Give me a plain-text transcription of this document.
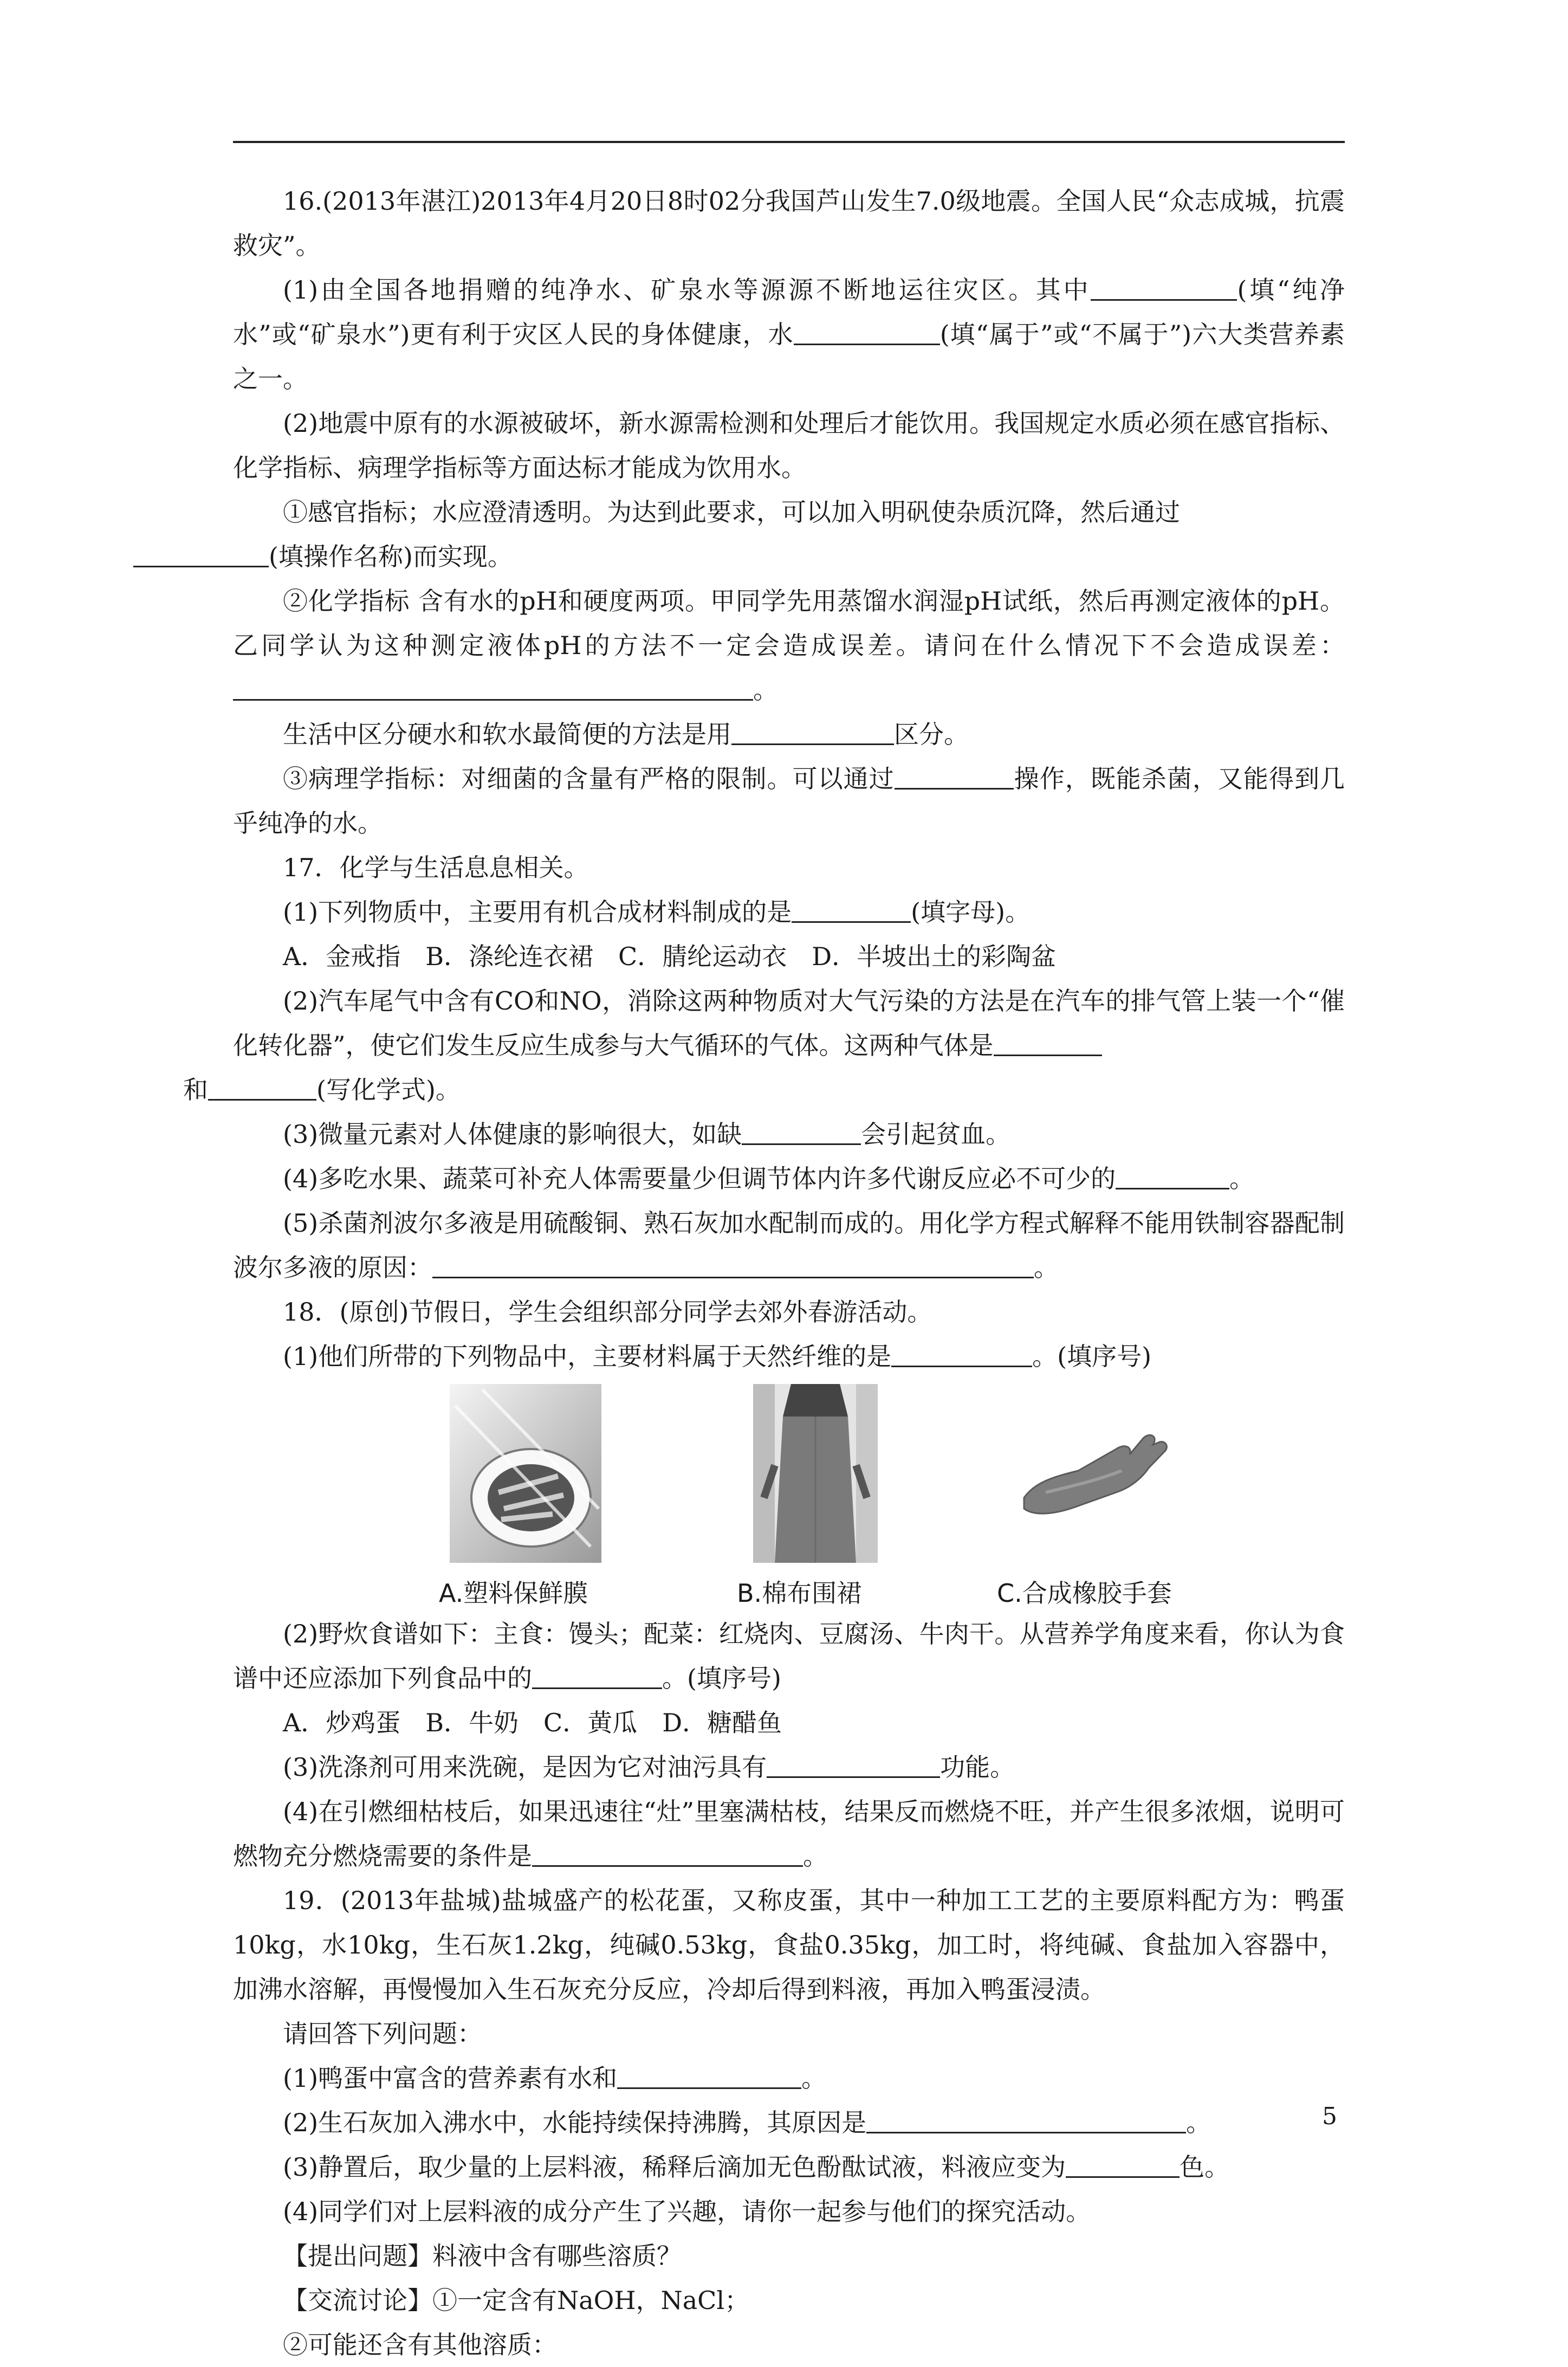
16.(2013年湛江)2013年4月20日8时02分我国芦山发生7.0级地震。全国人民“众志成城，抗震救灾”。

(1)由全国各地捐赠的纯净水、矿泉水等源源不断地运往灾区。其中	(填“纯净水”或“矿泉水”)更有利于灾区人民的身体健康，水	(填“属于”或“不属于”)六大类营养素之一。

(2)地震中原有的水源被破坏，新水源需检测和处理后才能饮用。我国规定水质必须在感官指标、化学指标、病理学指标等方面达标才能成为饮用水。

①感官指标；水应澄清透明。为达到此要求，可以加入明矾使杂质沉降，然后通过
(填操作名称)而实现。

②化学指标 含有水的pH和硬度两项。甲同学先用蒸馏水润湿pH试纸，然后再测定液体的pH。乙同学认为这种测定液体pH的方法不一定会造成误差。请问在什么情况下不会造成误差：。

生活中区分硬水和软水最简便的方法是用	区分。

③病理学指标：对细菌的含量有严格的限制。可以通过	操作，既能杀菌，又能得到几乎纯净的水。

17．化学与生活息息相关。

(1)下列物质中，主要用有机合成材料制成的是	(填字母)。

A．金戒指　B．涤纶连衣裙　C．腈纶运动衣　D．半坡出土的彩陶盆

(2)汽车尾气中含有CO和NO，消除这两种物质对大气污染的方法是在汽车的排气管上装一个“催化转化器”，使它们发生反应生成参与大气循环的气体。这两种气体是
和	(写化学式)。

(3)微量元素对人体健康的影响很大，如缺	会引起贫血。

(4)多吃水果、蔬菜可补充人体需要量少但调节体内许多代谢反应必不可少的	。

(5)杀菌剂波尔多液是用硫酸铜、熟石灰加水配制而成的。用化学方程式解释不能用铁制容器配制波尔多液的原因：	。

18．(原创)节假日，学生会组织部分同学去郊外春游活动。

(1)他们所带的下列物品中，主要材料属于天然纤维的是	。(填序号)

A.塑料保鲜膜	B.棉布围裙	C.合成橡胶手套

(2)野炊食谱如下：主食：馒头；配菜：红烧肉、豆腐汤、牛肉干。从营养学角度来看，你认为食谱中还应添加下列食品中的	。(填序号)

A．炒鸡蛋　B．牛奶　C．黄瓜　D．糖醋鱼

(3)洗涤剂可用来洗碗，是因为它对油污具有	功能。

(4)在引燃细枯枝后，如果迅速往“灶”里塞满枯枝，结果反而燃烧不旺，并产生很多浓烟，说明可燃物充分燃烧需要的条件是	。

19．(2013年盐城)盐城盛产的松花蛋，又称皮蛋，其中一种加工工艺的主要原料配方为：鸭蛋10kg，水10kg，生石灰1.2kg，纯碱0.53kg，食盐0.35kg，加工时，将纯碱、食盐加入容器中，加沸水溶解，再慢慢加入生石灰充分反应，冷却后得到料液，再加入鸭蛋浸渍。

请回答下列问题：

(1)鸭蛋中富含的营养素有水和	。

(2)生石灰加入沸水中，水能持续保持沸腾，其原因是	。

(3)静置后，取少量的上层料液，稀释后滴加无色酚酞试液，料液应变为	色。

(4)同学们对上层料液的成分产生了兴趣，请你一起参与他们的探究活动。

【提出问题】料液中含有哪些溶质？

【交流讨论】①一定含有NaOH，NaCl；

②可能还含有其他溶质：

5
